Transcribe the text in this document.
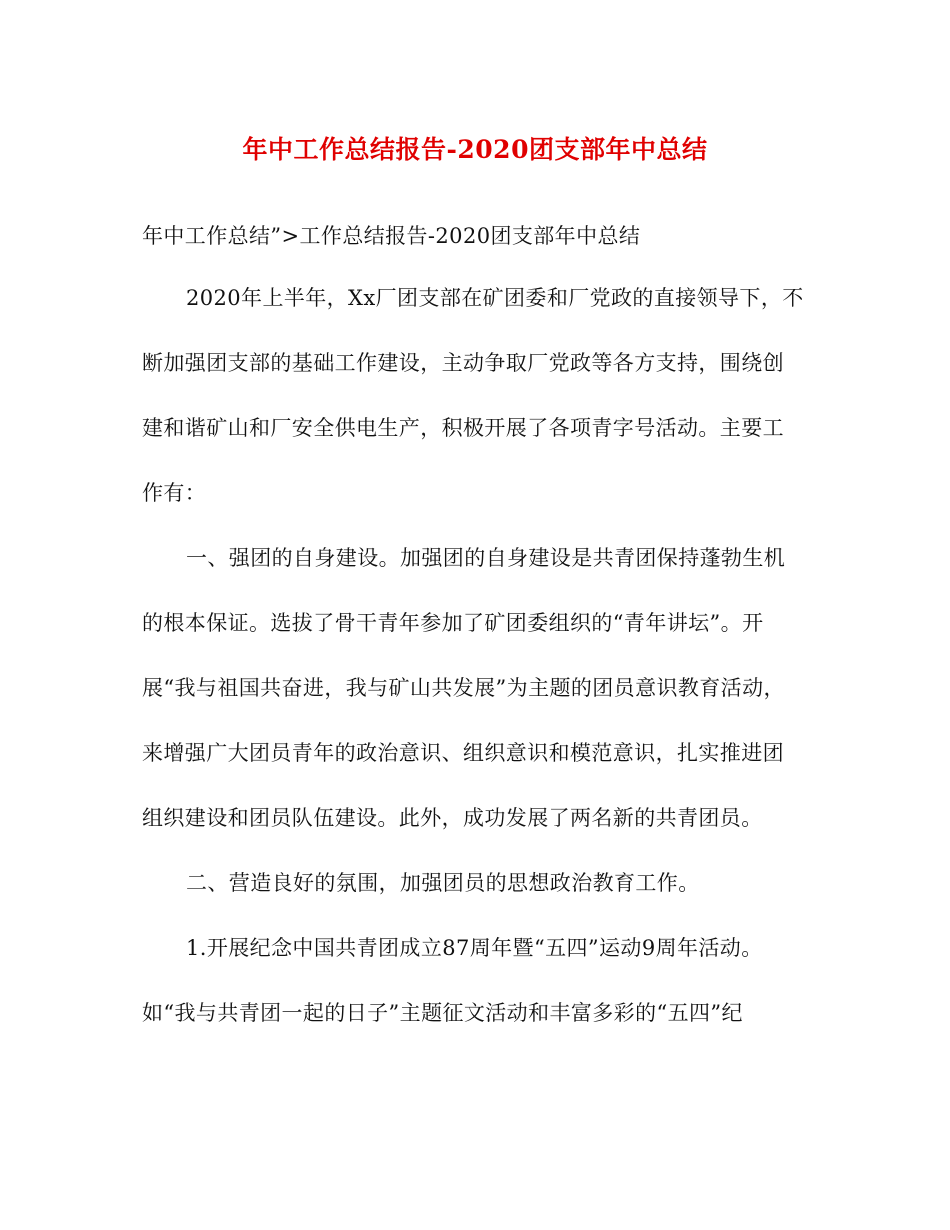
年中工作总结报告-2020团支部年中总结
年中工作总结”>工作总结报告-2020团支部年中总结
2020年上半年，Xx厂团支部在矿团委和厂党政的直接领导下，不
断加强团支部的基础工作建设，主动争取厂党政等各方支持，围绕创
建和谐矿山和厂安全供电生产，积极开展了各项青字号活动。主要工
作有：
一、强团的自身建设。加强团的自身建设是共青团保持蓬勃生机
的根本保证。选拔了骨干青年参加了矿团委组织的“青年讲坛”。开
展“我与祖国共奋进，我与矿山共发展”为主题的团员意识教育活动，
来增强广大团员青年的政治意识、组织意识和模范意识，扎实推进团
组织建设和团员队伍建设。此外，成功发展了两名新的共青团员。
二、营造良好的氛围，加强团员的思想政治教育工作。
1.开展纪念中国共青团成立87周年暨“五四”运动9周年活动。
如“我与共青团一起的日子”主题征文活动和丰富多彩的“五四”纪
